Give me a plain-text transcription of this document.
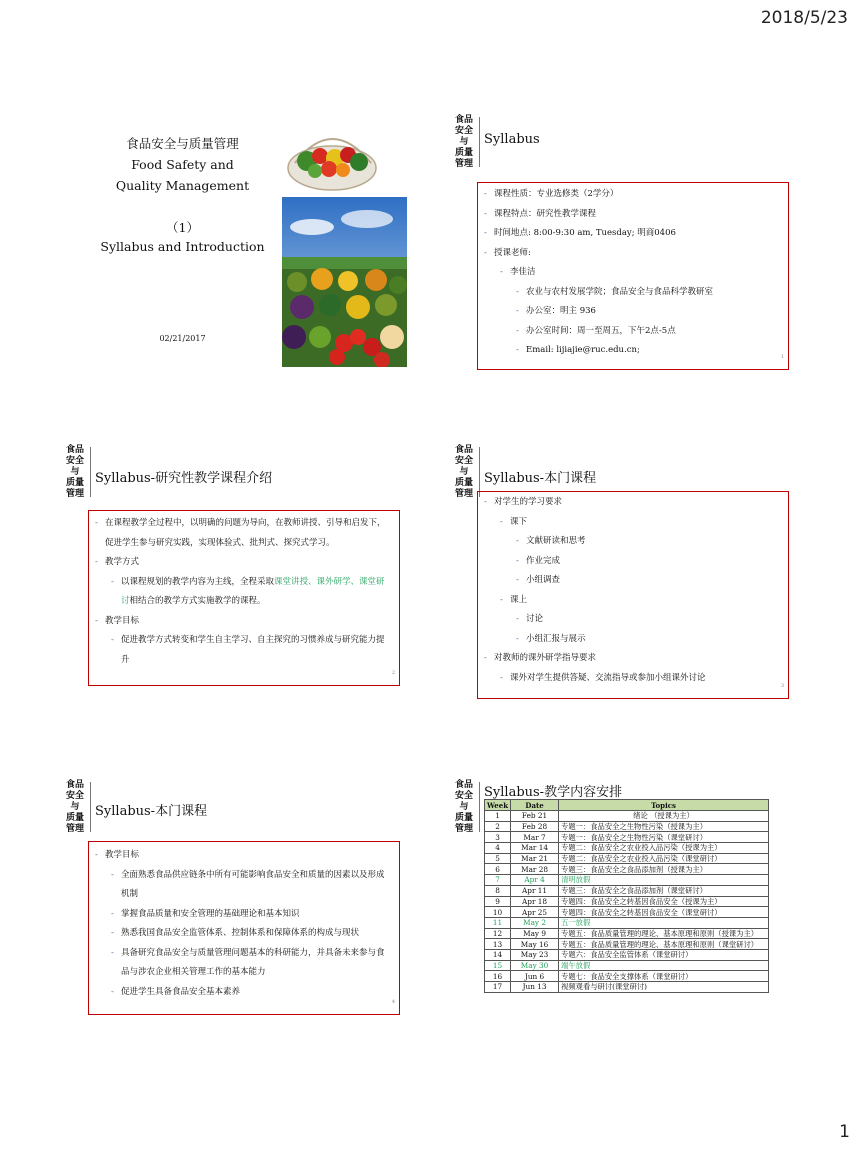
2018/5/23
食品安全与质量管理
Food Safety and
Quality Management
（1）
Syllabus and Introduction
02/21/2017
食品
安全
与
质量
管理
Syllabus
- 课程性质：专业选修类（2学分）
- 课程特点：研究性教学课程
- 时间地点: 8:00-9:30 am, Tuesday; 明商0406
- 授课老师:
- 李佳洁
- 农业与农村发展学院；食品安全与食品科学教研室
- 办公室：明主 936
- 办公室时间：周一至周五，下午2点-5点
- Email: lijiajie@ruc.edu.cn;
1
食品
安全
与
质量
管理
Syllabus-研究性教学课程介绍
- 在课程教学全过程中，以明确的问题为导向，在教师讲授、引导和启发下，促进学生参与研究实践，实现体验式、批判式、探究式学习。
- 教学方式
- 以课程规划的教学内容为主线，全程采取课堂讲授、课外研学、课堂研讨相结合的教学方式实施教学的课程。
- 教学目标
- 促进教学方式转变和学生自主学习、自主探究的习惯养成与研究能力提升
2
食品
安全
与
质量
管理
Syllabus-本门课程
- 对学生的学习要求
- 课下
- 文献研读和思考
- 作业完成
- 小组调查
- 课上
- 讨论
- 小组汇报与展示
- 对教师的课外研学指导要求
- 课外对学生提供答疑、交流指导或参加小组课外讨论
3
食品
安全
与
质量
管理
Syllabus-本门课程
- 教学目标
- 全面熟悉食品供应链条中所有可能影响食品安全和质量的因素以及形成机制
- 掌握食品质量和安全管理的基础理论和基本知识
- 熟悉我国食品安全监管体系、控制体系和保障体系的构成与现状
- 具备研究食品安全与质量管理问题基本的科研能力，并具备未来参与食品与涉农企业相关管理工作的基本能力
- 促进学生具备食品安全基本素养
4
食品
安全
与
质量
管理
Syllabus-教学内容安排
Week	Date	Topics
1	Feb 21	绪论 （授课为主）
2	Feb 28	专题一：食品安全之生物性污染（授课为主）
3	Mar 7	专题一：食品安全之生物性污染（课堂研讨）
4	Mar 14	专题二：食品安全之农业投入品污染（授课为主）
5	Mar 21	专题二：食品安全之农业投入品污染（课堂研讨）
6	Mar 28	专题三：食品安全之食品添加剂（授课为主）
7	Apr 4	清明放假
8	Apr 11	专题三：食品安全之食品添加剂（课堂研讨）
9	Apr 18	专题四：食品安全之转基因食品安全（授课为主）
10	Apr 25	专题四：食品安全之转基因食品安全（课堂研讨）
11	May 2	五一放假
12	May 9	专题五：食品质量管理的理论、基本原理和原则（授课为主）
13	May 16	专题五：食品质量管理的理论、基本原理和原则（课堂研讨）
14	May 23	专题六：食品安全监管体系（课堂研讨）
15	May 30	端午放假
16	Jun 6	专题七：食品安全支撑体系（课堂研讨）
17	Jun 13	视频观看与研讨(课堂研讨)
1
